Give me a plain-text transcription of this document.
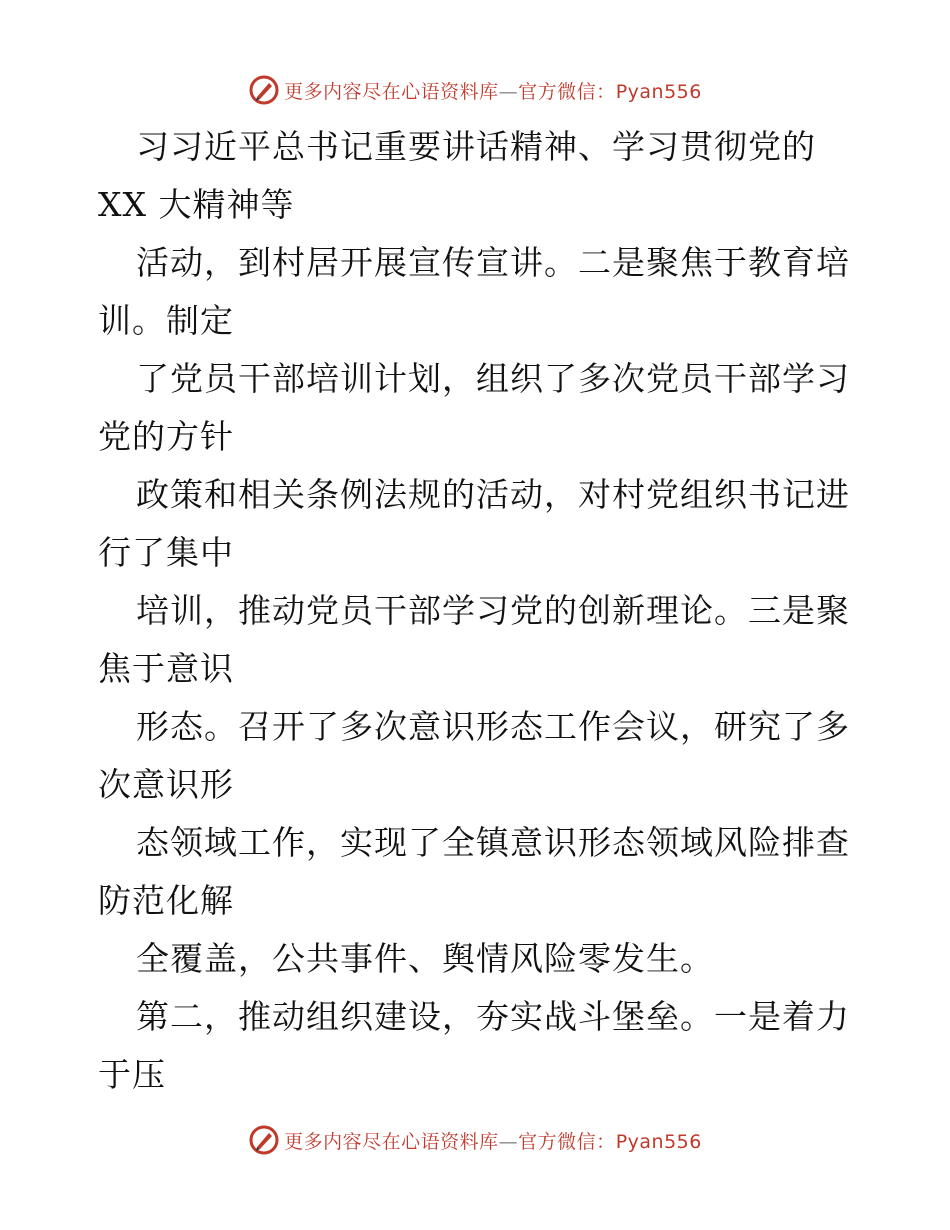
更多内容尽在心语资料库—官方微信：Pyan556
习习近平总书记重要讲话精神、学习贯彻党的
XX 大精神等
活动，到村居开展宣传宣讲。二是聚焦于教育培
训。制定
了党员干部培训计划，组织了多次党员干部学习
党的方针
政策和相关条例法规的活动，对村党组织书记进
行了集中
培训，推动党员干部学习党的创新理论。三是聚
焦于意识
形态。召开了多次意识形态工作会议，研究了多
次意识形
态领域工作，实现了全镇意识形态领域风险排查
防范化解
全覆盖，公共事件、舆情风险零发生。
第二，推动组织建设，夯实战斗堡垒。一是着力
于压
更多内容尽在心语资料库—官方微信：Pyan556
